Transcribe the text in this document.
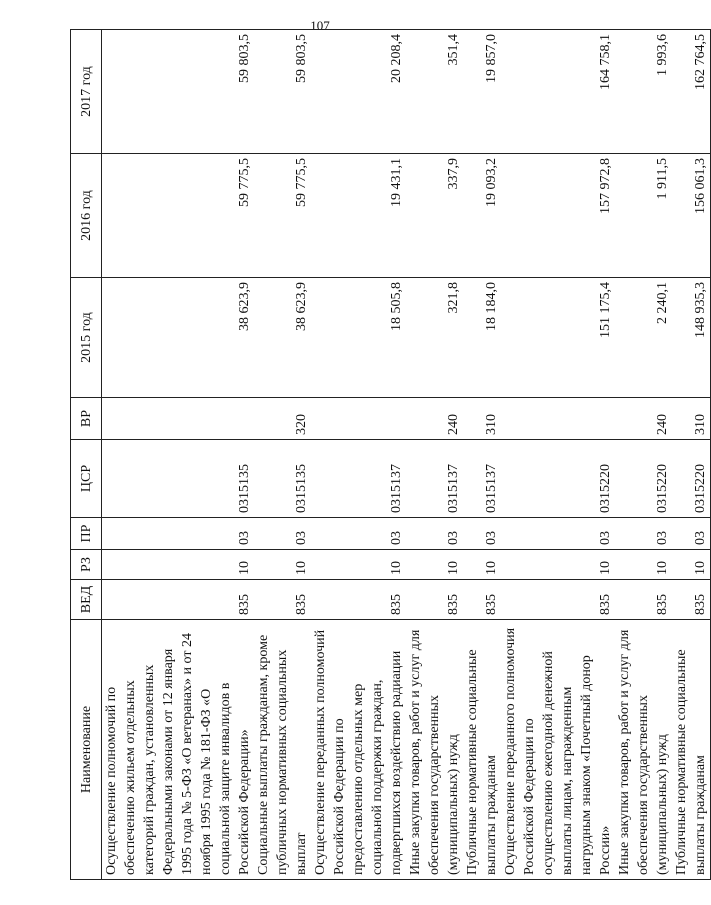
107
Наименование	ВЕД	РЗ	ПР	ЦСР	ВР	2015 год	2016 год	2017 год
Осуществление полномочий по обеспечению жильем отдельных категорий граждан, установленных Федеральными законами от 12 января 1995 года № 5-ФЗ «О ветеранах» и от 24 ноября 1995 года № 181-ФЗ «О социальной защите инвалидов в Российской Федерации»	835	10	03	0315135		38 623,9	59 775,5	59 803,5
Социальные выплаты гражданам, кроме публичных нормативных социальных выплат	835	10	03	0315135	320	38 623,9	59 775,5	59 803,5
Осуществление переданных полномочий Российской Федерации по предоставлению отдельных мер социальной поддержки граждан, подвергшихся воздействию радиации	835	10	03	0315137		18 505,8	19 431,1	20 208,4
Иные закупки товаров, работ и услуг для обеспечения государственных (муниципальных) нужд	835	10	03	0315137	240	321,8	337,9	351,4
Публичные нормативные социальные выплаты гражданам	835	10	03	0315137	310	18 184,0	19 093,2	19 857,0
Осуществление переданного полномочия Российской Федерации по осуществлению ежегодной денежной выплаты лицам, награжденным нагрудным знаком «Почетный донор России»	835	10	03	0315220		151 175,4	157 972,8	164 758,1
Иные закупки товаров, работ и услуг для обеспечения государственных (муниципальных) нужд	835	10	03	0315220	240	2 240,1	1 911,5	1 993,6
Публичные нормативные социальные выплаты гражданам	835	10	03	0315220	310	148 935,3	156 061,3	162 764,5
